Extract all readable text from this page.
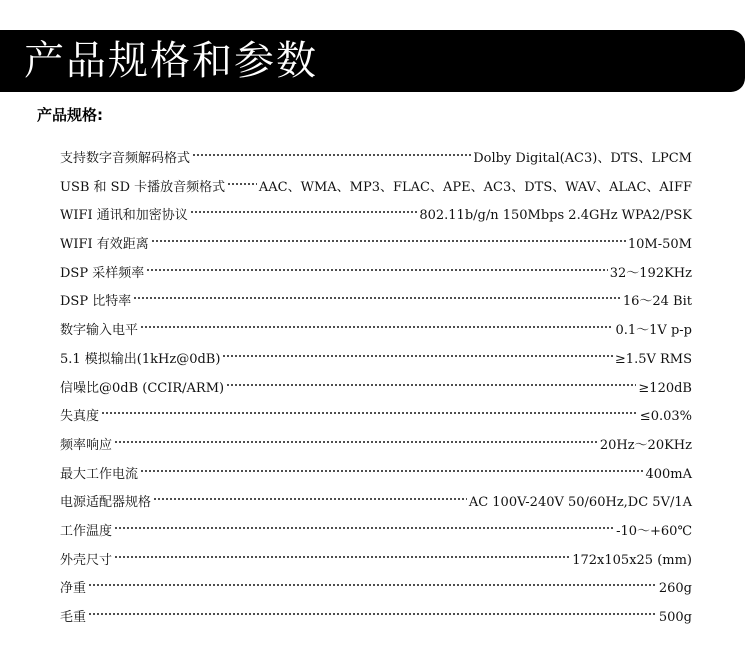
产品规格和参数
产品规格:
支持数字音频解码格式	Dolby Digital(AC3)、DTS、LPCM
USB 和 SD 卡播放音频格式	AAC、WMA、MP3、FLAC、APE、AC3、DTS、WAV、ALAC、AIFF
WIFI 通讯和加密协议	802.11b/g/n 150Mbps 2.4GHz WPA2/PSK
WIFI 有效距离	10M-50M
DSP 采样频率	32～192KHz
DSP 比特率	16～24 Bit
数字输入电平	0.1～1V p-p
5.1 模拟输出(1kHz@0dB)	≥1.5V RMS
信噪比@0dB (CCIR/ARM)	≥120dB
失真度	≤0.03%
频率响应	20Hz～20KHz
最大工作电流	400mA
电源适配器规格	AC 100V-240V 50/60Hz,DC 5V/1A
工作温度	-10～+60℃
外壳尺寸	172x105x25 (mm)
净重	260g
毛重	500g
